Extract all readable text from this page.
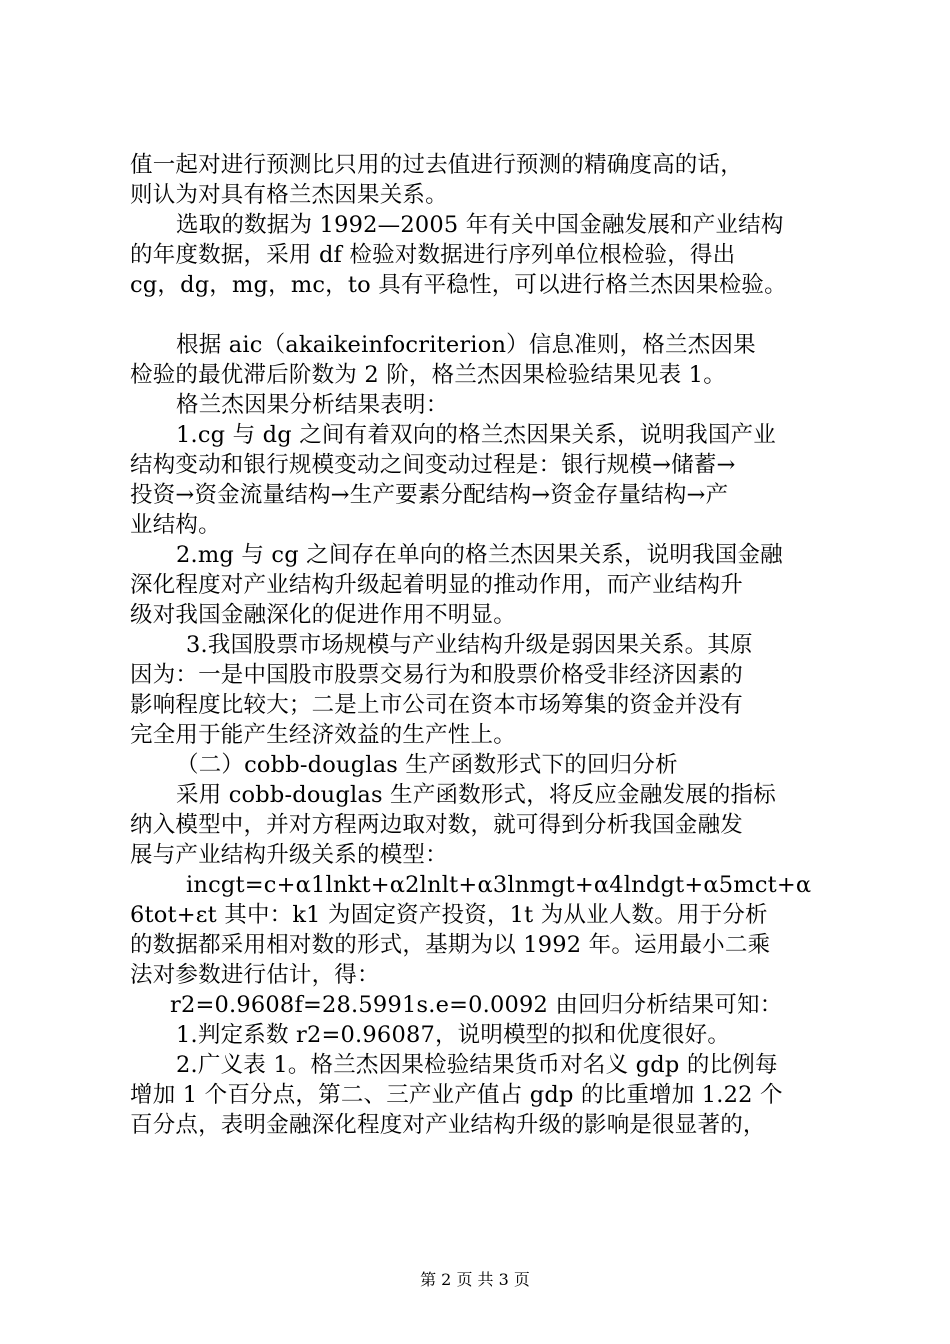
值一起对进行预测比只用的过去值进行预测的精确度高的话，
则认为对具有格兰杰因果关系。
选取的数据为 1992—2005 年有关中国金融发展和产业结构
的年度数据，采用 df 检验对数据进行序列单位根检验，得出
cg，dg，mg，mc，to 具有平稳性，可以进行格兰杰因果检验。
根据 aic（akaikeinfocriterion）信息准则，格兰杰因果
检验的最优滞后阶数为 2 阶，格兰杰因果检验结果见表 1。
格兰杰因果分析结果表明：
1.cg 与 dg 之间有着双向的格兰杰因果关系，说明我国产业
结构变动和银行规模变动之间变动过程是：银行规模→储蓄→
投资→资金流量结构→生产要素分配结构→资金存量结构→产
业结构。
2.mg 与 cg 之间存在单向的格兰杰因果关系，说明我国金融
深化程度对产业结构升级起着明显的推动作用，而产业结构升
级对我国金融深化的促进作用不明显。
3.我国股票市场规模与产业结构升级是弱因果关系。其原
因为：一是中国股市股票交易行为和股票价格受非经济因素的
影响程度比较大；二是上市公司在资本市场筹集的资金并没有
完全用于能产生经济效益的生产性上。
（二）cobb-douglas 生产函数形式下的回归分析
采用 cobb-douglas 生产函数形式，将反应金融发展的指标
纳入模型中，并对方程两边取对数，就可得到分析我国金融发
展与产业结构升级关系的模型：
incgt=c+α1lnkt+α2lnlt+α3lnmgt+α4lndgt+α5mct+α
6tot+εt 其中：k1 为固定资产投资，1t 为从业人数。用于分析
的数据都采用相对数的形式，基期为以 1992 年。运用最小二乘
法对参数进行估计，得：
r2=0.9608f=28.5991s.e=0.0092 由回归分析结果可知：
1.判定系数 r2=0.96087，说明模型的拟和优度很好。
2.广义表 1。格兰杰因果检验结果货币对名义 gdp 的比例每
增加 1 个百分点，第二、三产业产值占 gdp 的比重增加 1.22 个
百分点，表明金融深化程度对产业结构升级的影响是很显著的，
第 2 页 共 3 页
